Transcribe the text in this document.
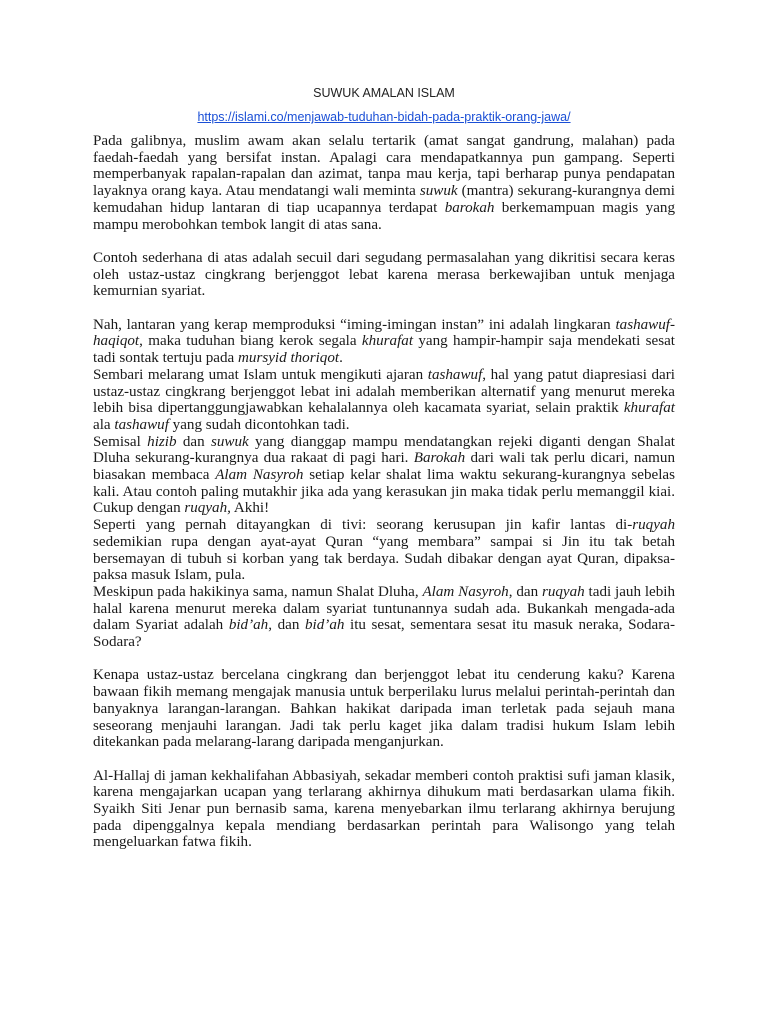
SUWUK AMALAN ISLAM
https://islami.co/menjawab-tuduhan-bidah-pada-praktik-orang-jawa/

Pada galibnya, muslim awam akan selalu tertarik (amat sangat gandrung, malahan) pada faedah-faedah yang bersifat instan. Apalagi cara mendapatkannya pun gampang. Seperti memperbanyak rapalan-rapalan dan azimat, tanpa mau kerja, tapi berharap punya pendapatan layaknya orang kaya. Atau mendatangi wali meminta suwuk (mantra) sekurang-kurangnya demi kemudahan hidup lantaran di tiap ucapannya terdapat barokah berkemampuan magis yang mampu merobohkan tembok langit di atas sana.

Contoh sederhana di atas adalah secuil dari segudang permasalahan yang dikritisi secara keras oleh ustaz-ustaz cingkrang berjenggot lebat karena merasa berkewajiban untuk menjaga kemurnian syariat.

Nah, lantaran yang kerap memproduksi “iming-imingan instan” ini adalah lingkaran tashawuf-haqiqot, maka tuduhan biang kerok segala khurafat yang hampir-hampir saja mendekati sesat tadi sontak tertuju pada mursyid thoriqot.

Sembari melarang umat Islam untuk mengikuti ajaran tashawuf, hal yang patut diapresiasi dari ustaz-ustaz cingkrang berjenggot lebat ini adalah memberikan alternatif yang menurut mereka lebih bisa dipertanggungjawabkan kehalalannya oleh kacamata syariat, selain praktik khurafat ala tashawuf yang sudah dicontohkan tadi.

Semisal hizib dan suwuk yang dianggap mampu mendatangkan rejeki diganti dengan Shalat Dluha sekurang-kurangnya dua rakaat di pagi hari. Barokah dari wali tak perlu dicari, namun biasakan membaca Alam Nasyroh setiap kelar shalat lima waktu sekurang-kurangnya sebelas kali. Atau contoh paling mutakhir jika ada yang kerasukan jin maka tidak perlu memanggil kiai. Cukup dengan ruqyah, Akhi!

Seperti yang pernah ditayangkan di tivi: seorang kerusupan jin kafir lantas di-ruqyah sedemikian rupa dengan ayat-ayat Quran “yang membara” sampai si Jin itu tak betah bersemayan di tubuh si korban yang tak berdaya. Sudah dibakar dengan ayat Quran, dipaksa-paksa masuk Islam, pula.

Meskipun pada hakikinya sama, namun Shalat Dluha, Alam Nasyroh, dan ruqyah tadi jauh lebih halal karena menurut mereka dalam syariat tuntunannya sudah ada. Bukankah mengada-ada dalam Syariat adalah bid’ah, dan bid’ah itu sesat, sementara sesat itu masuk neraka, Sodara-Sodara?

Kenapa ustaz-ustaz bercelana cingkrang dan berjenggot lebat itu cenderung kaku? Karena bawaan fikih memang mengajak manusia untuk berperilaku lurus melalui perintah-perintah dan banyaknya larangan-larangan. Bahkan hakikat daripada iman terletak pada sejauh mana seseorang menjauhi larangan. Jadi tak perlu kaget jika dalam tradisi hukum Islam lebih ditekankan pada melarang-larang daripada menganjurkan.

Al-Hallaj di jaman kekhalifahan Abbasiyah, sekadar memberi contoh praktisi sufi jaman klasik, karena mengajarkan ucapan yang terlarang akhirnya dihukum mati berdasarkan ulama fikih. Syaikh Siti Jenar pun bernasib sama, karena menyebarkan ilmu terlarang akhirnya berujung pada dipenggalnya kepala mendiang berdasarkan perintah para Walisongo yang telah mengeluarkan fatwa fikih.
